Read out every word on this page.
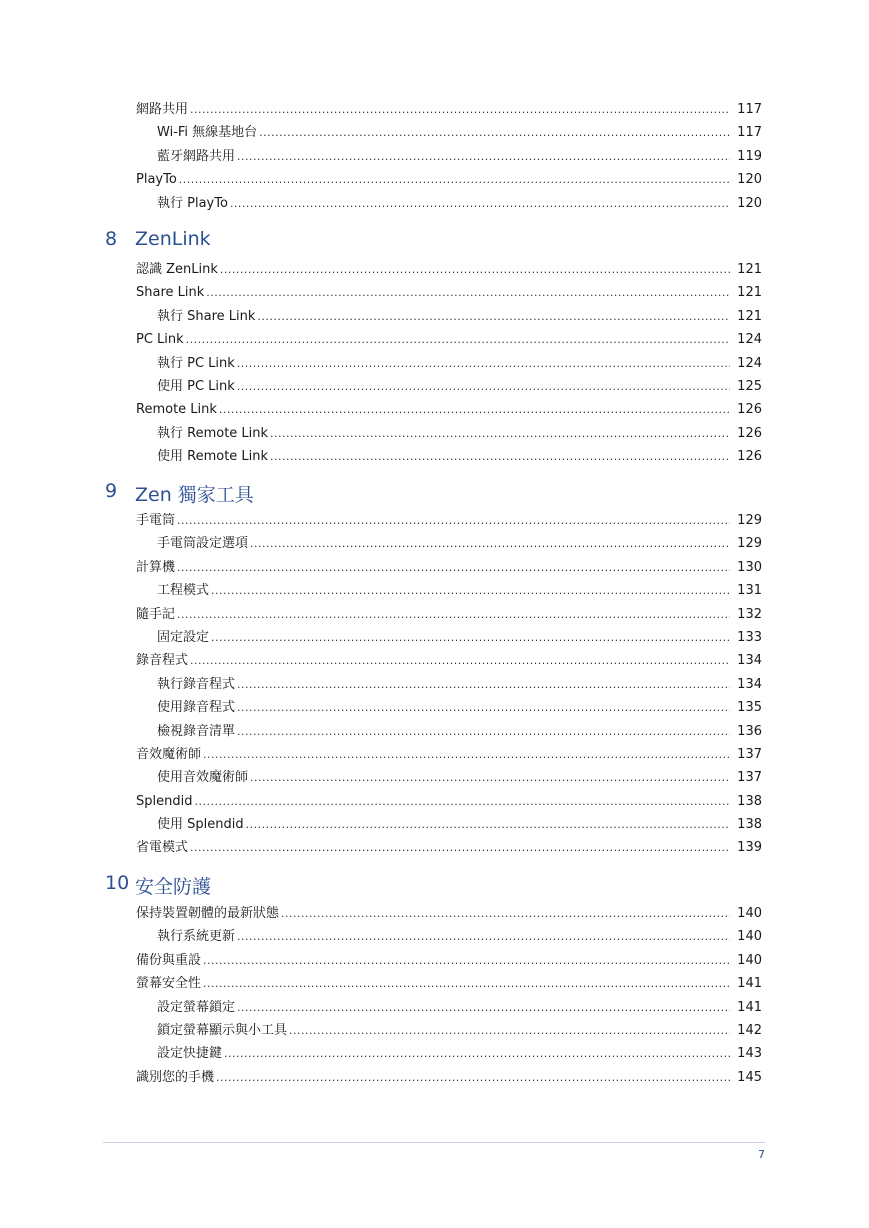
網路共用 .....	117
Wi-Fi 無線基地台 .....	117
藍牙網路共用 .....	119
PlayTo .....	120
執行 PlayTo .....	120
8 ZenLink
認識 ZenLink .....	121
Share Link .....	121
執行 Share Link .....	121
PC Link .....	124
執行 PC Link .....	124
使用 PC Link .....	125
Remote Link .....	126
執行 Remote Link .....	126
使用 Remote Link .....	126
9 Zen 獨家工具
手電筒 .....	129
手電筒設定選項 .....	129
計算機 .....	130
工程模式 .....	131
隨手記 .....	132
固定設定 .....	133
錄音程式 .....	134
執行錄音程式 .....	134
使用錄音程式 .....	135
檢視錄音清單 .....	136
音效魔術師 .....	137
使用音效魔術師 .....	137
Splendid .....	138
使用 Splendid .....	138
省電模式 .....	139
10 安全防護
保持裝置韌體的最新狀態 .....	140
執行系統更新 .....	140
備份與重設 .....	140
螢幕安全性 .....	141
設定螢幕鎖定 .....	141
鎖定螢幕顯示與小工具 .....	142
設定快捷鍵 .....	143
識別您的手機 .....	145
7
